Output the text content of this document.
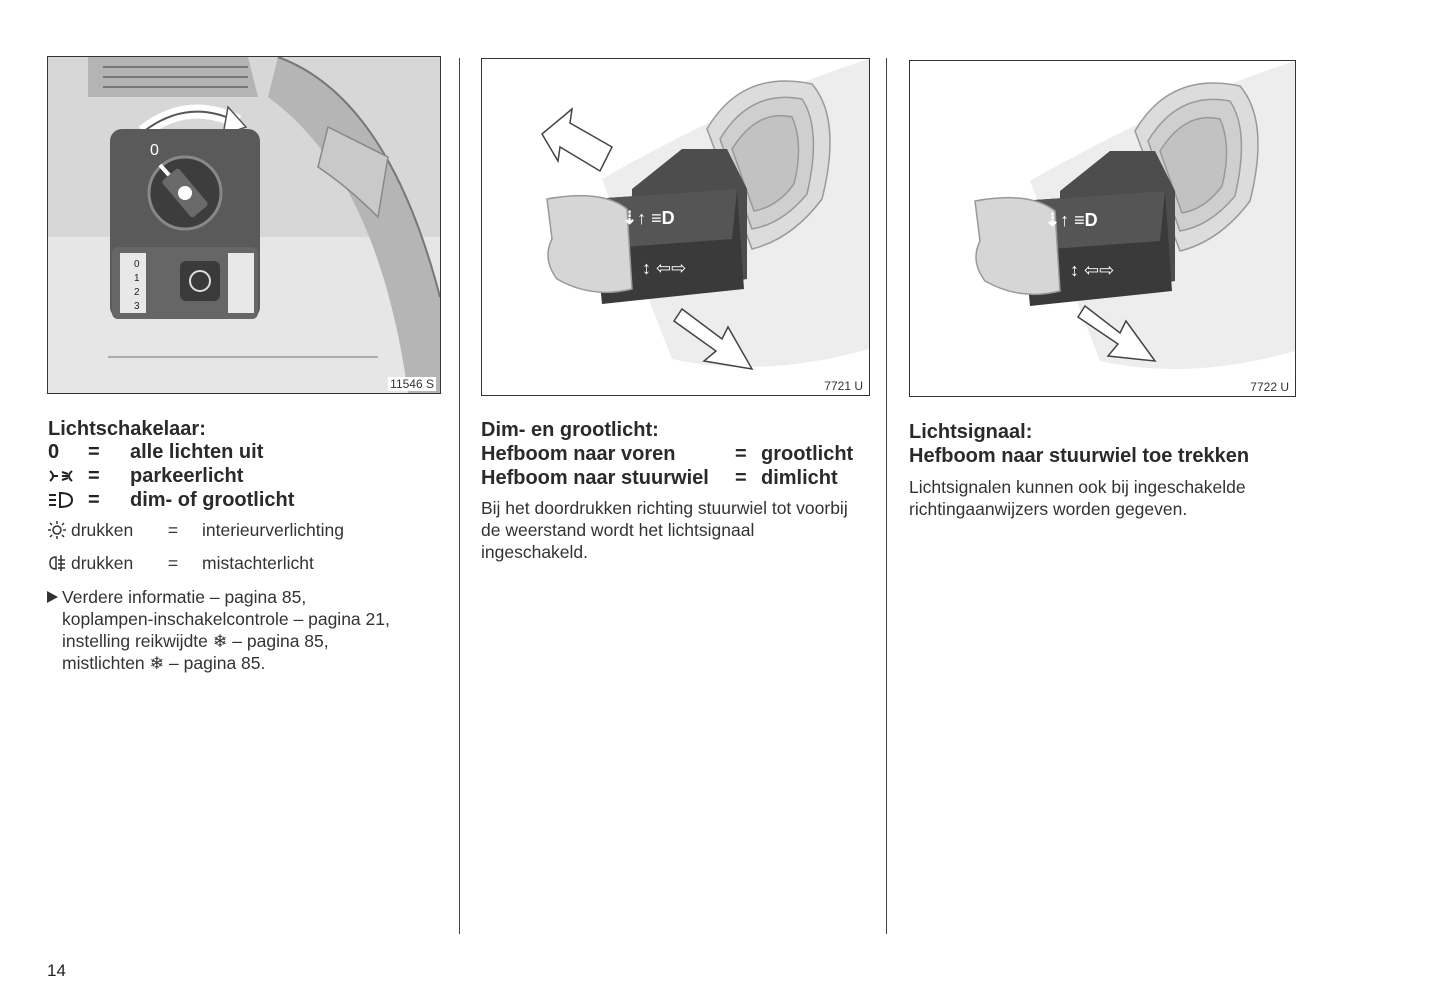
0
0
1
2
3
11546 S
Lichtschakelaar:
0	=	alle lichten uit
=	parkeerlicht
=	dim- of grootlicht
drukken	=	interieurverlichting
drukken	=	mistachterlicht
Verdere informatie – pagina 85,
koplampen-inschakelcontrole – pagina 21,
instelling reikwijdte ❄ – pagina 85,
mistlichten ❄ – pagina 85.
⇣↑ ≡D
↕ ⇦⇨
7721 U
Dim- en grootlicht:
Hefboom naar voren	= grootlicht
Hefboom naar stuurwiel	= dimlicht
Bij het doordrukken richting stuurwiel tot voorbij de weerstand wordt het lichtsignaal ingeschakeld.
⇣↑ ≡D
↕ ⇦⇨
7722 U
Lichtsignaal:
Hefboom naar stuurwiel toe trekken
Lichtsignalen kunnen ook bij ingeschakelde richtingaanwijzers worden gegeven.
14
